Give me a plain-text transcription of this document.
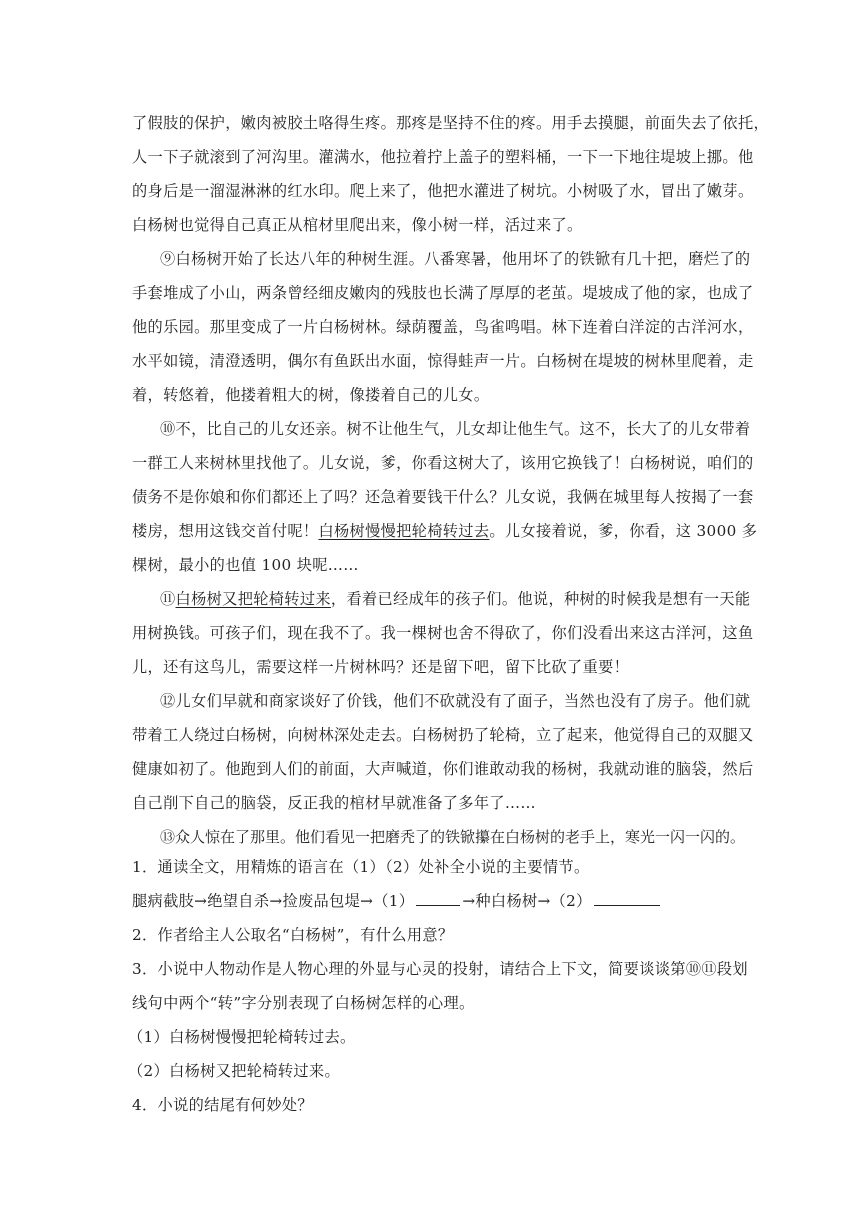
了假肢的保护，嫩肉被胶土咯得生疼。那疼是坚持不住的疼。用手去摸腿，前面失去了依托，
人一下子就滚到了河沟里。灌满水，他拉着拧上盖子的塑料桶，一下一下地往堤坡上挪。他
的身后是一溜湿淋淋的红水印。爬上来了，他把水灌进了树坑。小树吸了水，冒出了嫩芽。
白杨树也觉得自己真正从棺材里爬出来，像小树一样，活过来了。
⑨白杨树开始了长达八年的种树生涯。八番寒暑，他用坏了的铁锨有几十把，磨烂了的
手套堆成了小山，两条曾经细皮嫩肉的残肢也长满了厚厚的老茧。堤坡成了他的家，也成了
他的乐园。那里变成了一片白杨树林。绿荫覆盖，鸟雀鸣唱。林下连着白洋淀的古洋河水，
水平如镜，清澄透明，偶尔有鱼跃出水面，惊得蛙声一片。白杨树在堤坡的树林里爬着，走
着，转悠着，他搂着粗大的树，像搂着自己的儿女。
⑩不，比自己的儿女还亲。树不让他生气，儿女却让他生气。这不，长大了的儿女带着
一群工人来树林里找他了。儿女说，爹，你看这树大了，该用它换钱了！白杨树说，咱们的
债务不是你娘和你们都还上了吗？还急着要钱干什么？儿女说，我俩在城里每人按揭了一套
楼房，想用这钱交首付呢！白杨树慢慢把轮椅转过去。儿女接着说，爹，你看，这 3000 多
棵树，最小的也值 100 块呢……
⑪白杨树又把轮椅转过来，看着已经成年的孩子们。他说，种树的时候我是想有一天能
用树换钱。可孩子们，现在我不了。我一棵树也舍不得砍了，你们没看出来这古洋河，这鱼
儿，还有这鸟儿，需要这样一片树林吗？还是留下吧，留下比砍了重要！
⑫儿女们早就和商家谈好了价钱，他们不砍就没有了面子，当然也没有了房子。他们就
带着工人绕过白杨树，向树林深处走去。白杨树扔了轮椅，立了起来，他觉得自己的双腿又
健康如初了。他跑到人们的前面，大声喊道，你们谁敢动我的杨树，我就动谁的脑袋，然后
自己削下自己的脑袋，反正我的棺材早就准备了多年了……
⑬众人惊在了那里。他们看见一把磨秃了的铁锨攥在白杨树的老手上，寒光一闪一闪的。
1．通读全文，用精炼的语言在（1）（2）处补全小说的主要情节。
腿病截肢→绝望自杀→捡废品包堤→（1）	→种白杨树→（2）
2．作者给主人公取名“白杨树”，有什么用意？
3．小说中人物动作是人物心理的外显与心灵的投射，请结合上下文，简要谈谈第⑩⑪段划
线句中两个“转”字分别表现了白杨树怎样的心理。
（1）白杨树慢慢把轮椅转过去。
（2）白杨树又把轮椅转过来。
4．小说的结尾有何妙处？
